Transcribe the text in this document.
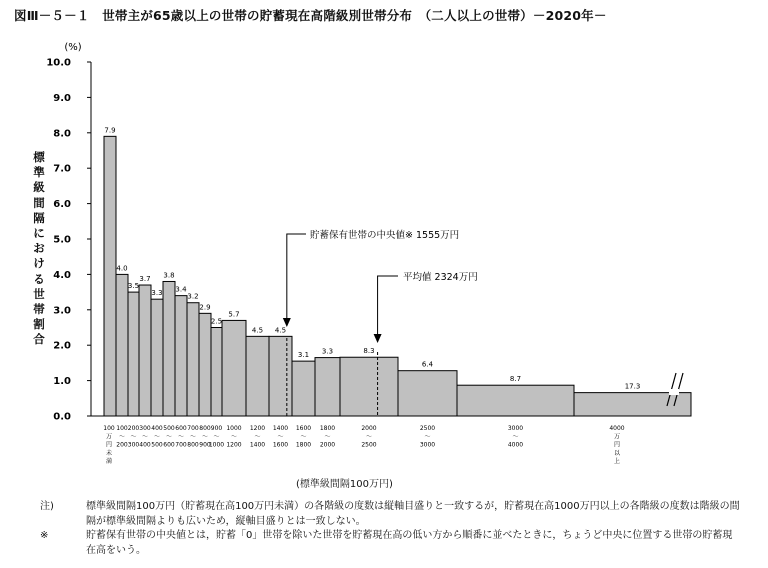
図Ⅲ－５－１　世帯主が65歳以上の世帯の貯蓄現在高階級別世帯分布　（二人以上の世帯）－2020年－
(%)
0.0
1.0
2.0
3.0
4.0
5.0
6.0
7.0
8.0
9.0
10.0
7.9
100
万
円
未
満
4.0
100
～
200
3.5
200
～
300
3.7
300
～
400
3.3
400
～
500
3.8
500
～
600
3.4
600
～
700
3.2
700
～
800
2.9
800
～
900
2.5
900
～
1000
5.7
1000
～
1200
4.5
1200
～
1400
4.5
1400
～
1600
3.1
1600
～
1800
3.3
1800
～
2000
8.3
2000
～
2500
6.4
2500
～
3000
8.7
3000
～
4000
17.3
4000
万
円
以
上
貯蓄保有世帯の中央値※ 1555万円
平均値 2324万円
標準級間隔における世帯割合
(標準級間隔100万円)
注)	標準級間隔100万円（貯蓄現在高100万円未満）の各階級の度数は縦軸目盛りと一致するが，貯蓄現在高1000万円以上の各階級の度数は階級の間隔が標準級間隔よりも広いため，縦軸目盛りとは一致しない。
※	貯蓄保有世帯の中央値とは，貯蓄「0」世帯を除いた世帯を貯蓄現在高の低い方から順番に並べたときに，ちょうど中央に位置する世帯の貯蓄現在高をいう。
